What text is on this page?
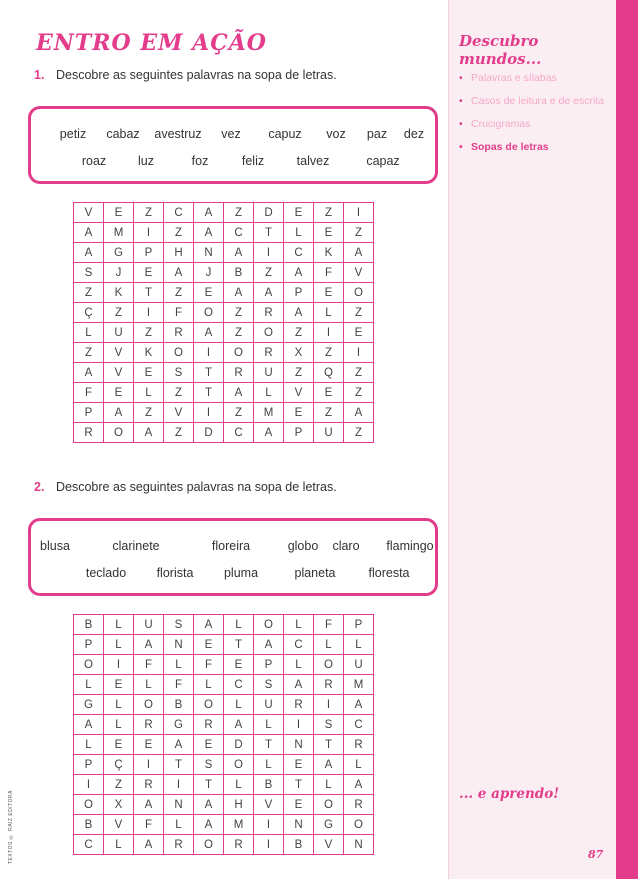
ENTRO EM AÇÃO
1. Descobre as seguintes palavras na sopa de letras.
petiz cabaz avestruz vez capuz voz paz dez
roaz	luz	foz	feliz	talvez	capaz
V	E	Z	C	A	Z	D	E	Z	I
A	M	I	Z	A	C	T	L	E	Z
A	G	P	H	N	A	I	C	K	A
S	J	E	A	J	B	Z	A	F	V
Z	K	T	Z	E	A	A	P	E	O
Ç	Z	I	F	O	Z	R	A	L	Z
L	U	Z	R	A	Z	O	Z	I	E
Z	V	K	O	I	O	R	X	Z	I
A	V	E	S	T	R	U	Z	Q	Z
F	E	L	Z	T	A	L	V	E	Z
P	A	Z	V	I	Z	M	E	Z	A
R	O	A	Z	D	C	A	P	U	Z
2. Descobre as seguintes palavras na sopa de letras.
blusa	clarinete	floreira	globo claro flamingo
teclado florista pluma	planeta	floresta
B	L	U	S	A	L	O	L	F	P
P	L	A	N	E	T	A	C	L	L
O	I	F	L	F	E	P	L	O	U
L	E	L	F	L	C	S	A	R	M
G	L	O	B	O	L	U	R	I	A
A	L	R	G	R	A	L	I	S	C
L	E	E	A	E	D	T	N	T	R
P	Ç	I	T	S	O	L	E	A	L
I	Z	R	I	T	L	B	T	L	A
O	X	A	N	A	H	V	E	O	R
B	V	F	L	A	M	I	N	G	O
C	L	A	R	O	R	I	B	V	N
TEXTOS © RAIZ EDITORA
Descubro
mundos...
• Palavras e sílabas
• Casos de leitura e de escrita
• Crucigramas
• Sopas de letras
... e aprendo!
87
